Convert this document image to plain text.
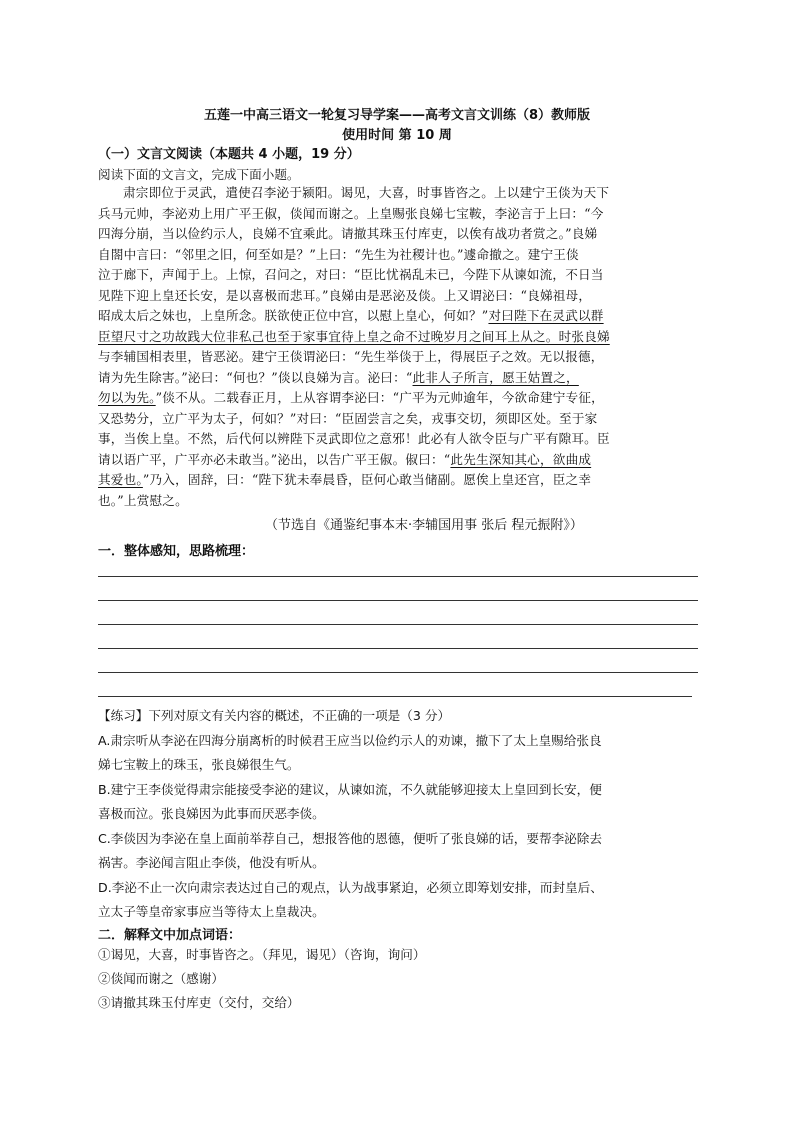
五莲一中高三语文一轮复习导学案——高考文言文训练（8）教师版
使用时间 第 10 周
（一）文言文阅读（本题共 4 小题，19 分）
阅读下面的文言文，完成下面小题。
肃宗即位于灵武，遣使召李泌于颍阳。谒见，大喜，时事皆咨之。上以建宁王倓为天下
兵马元帅，李泌劝上用广平王俶，倓闻而谢之。上皇赐张良娣七宝鞍，李泌言于上曰：“今
四海分崩，当以俭约示人，良娣不宜乘此。请撤其珠玉付库吏，以俟有战功者赏之。”良娣
自閤中言曰：“邻里之旧，何至如是？”上曰：“先生为社稷计也。”遽命撤之。建宁王倓
泣于廊下，声闻于上。上惊，召问之，对曰：“臣比忧祸乱未已，今陛下从谏如流，不日当
见陛下迎上皇还长安，是以喜极而悲耳。”良娣由是恶泌及倓。上又谓泌曰：“良娣祖母，
昭成太后之妹也，上皇所念。朕欲使正位中宫，以慰上皇心，何如？”对曰陛下在灵武以群
臣望尺寸之功故践大位非私己也至于家事宜待上皇之命不过晚岁月之间耳上从之。时张良娣
与李辅国相表里，皆恶泌。建宁王倓谓泌曰：“先生举倓于上，得展臣子之效。无以报德，
请为先生除害。”泌曰：“何也？”倓以良娣为言。泌曰：“此非人子所言，愿王姑置之，
勿以为先。”倓不从。二载春正月，上从容谓李泌曰：“广平为元帅逾年，今欲命建宁专征，
又恐势分，立广平为太子，何如？”对曰：“臣固尝言之矣，戎事交切，须即区处。至于家
事，当俟上皇。不然，后代何以辨陛下灵武即位之意邪！此必有人欲令臣与广平有隙耳。臣
请以语广平，广平亦必未敢当。”泌出，以告广平王俶。俶曰：“此先生深知其心，欲曲成
其爱也。”乃入，固辞，曰：“陛下犹未奉晨昏，臣何心敢当储副。愿俟上皇还宫，臣之幸
也。”上赏慰之。
（节选自《通鉴纪事本末·李辅国用事 张后 程元振附》）
一．整体感知，思路梳理：
【练习】下列对原文有关内容的概述，不正确的一项是（3 分）
A.肃宗听从李泌在四海分崩离析的时候君王应当以俭约示人的劝谏，撤下了太上皇赐给张良
娣七宝鞍上的珠玉，张良娣很生气。
B.建宁王李倓觉得肃宗能接受李泌的建议，从谏如流，不久就能够迎接太上皇回到长安，便
喜极而泣。张良娣因为此事而厌恶李倓。
C.李倓因为李泌在皇上面前举荐自己，想报答他的恩德，便听了张良娣的话，要帮李泌除去
祸害。李泌闻言阻止李倓，他没有听从。
D.李泌不止一次向肃宗表达过自己的观点，认为战事紧迫，必须立即筹划安排，而封皇后、
立太子等皇帝家事应当等待太上皇裁决。
二．解释文中加点词语：
①谒见，大喜，时事皆咨之。（拜见，谒见）（咨询，询问）
②倓闻而谢之（感谢）
③请撤其珠玉付库吏（交付，交给）
